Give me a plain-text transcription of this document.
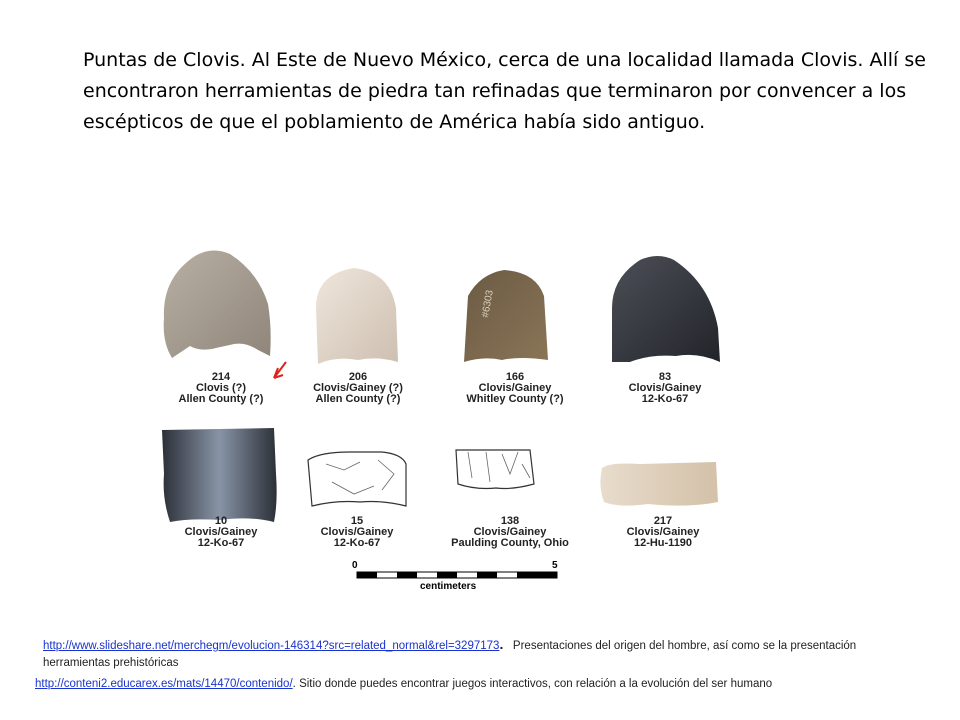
Puntas de Clovis. Al Este de Nuevo México, cerca de una localidad llamada Clovis. Allí se encontraron herramientas de piedra tan refinadas que terminaron por convencer a los escépticos de que el poblamiento de América había sido antiguo.
#6303
214
Clovis (?)
Allen County (?)
206
Clovis/Gainey (?)
Allen County (?)
166
Clovis/Gainey
Whitley County (?)
83
Clovis/Gainey
12-Ko-67
10
Clovis/Gainey
12-Ko-67
15
Clovis/Gainey
12-Ko-67
138
Clovis/Gainey
Paulding County, Ohio
217
Clovis/Gainey
12-Hu-1190
0	5
centimeters
http://www.slideshare.net/merchegm/evolucion-146314?src=related_normal&rel=3297173. Presentaciones del origen del hombre, así como se la presentación herramientas prehistóricas
http://conteni2.educarex.es/mats/14470/contenido/. Sitio donde puedes encontrar juegos interactivos, con relación a la evolución del ser humano
